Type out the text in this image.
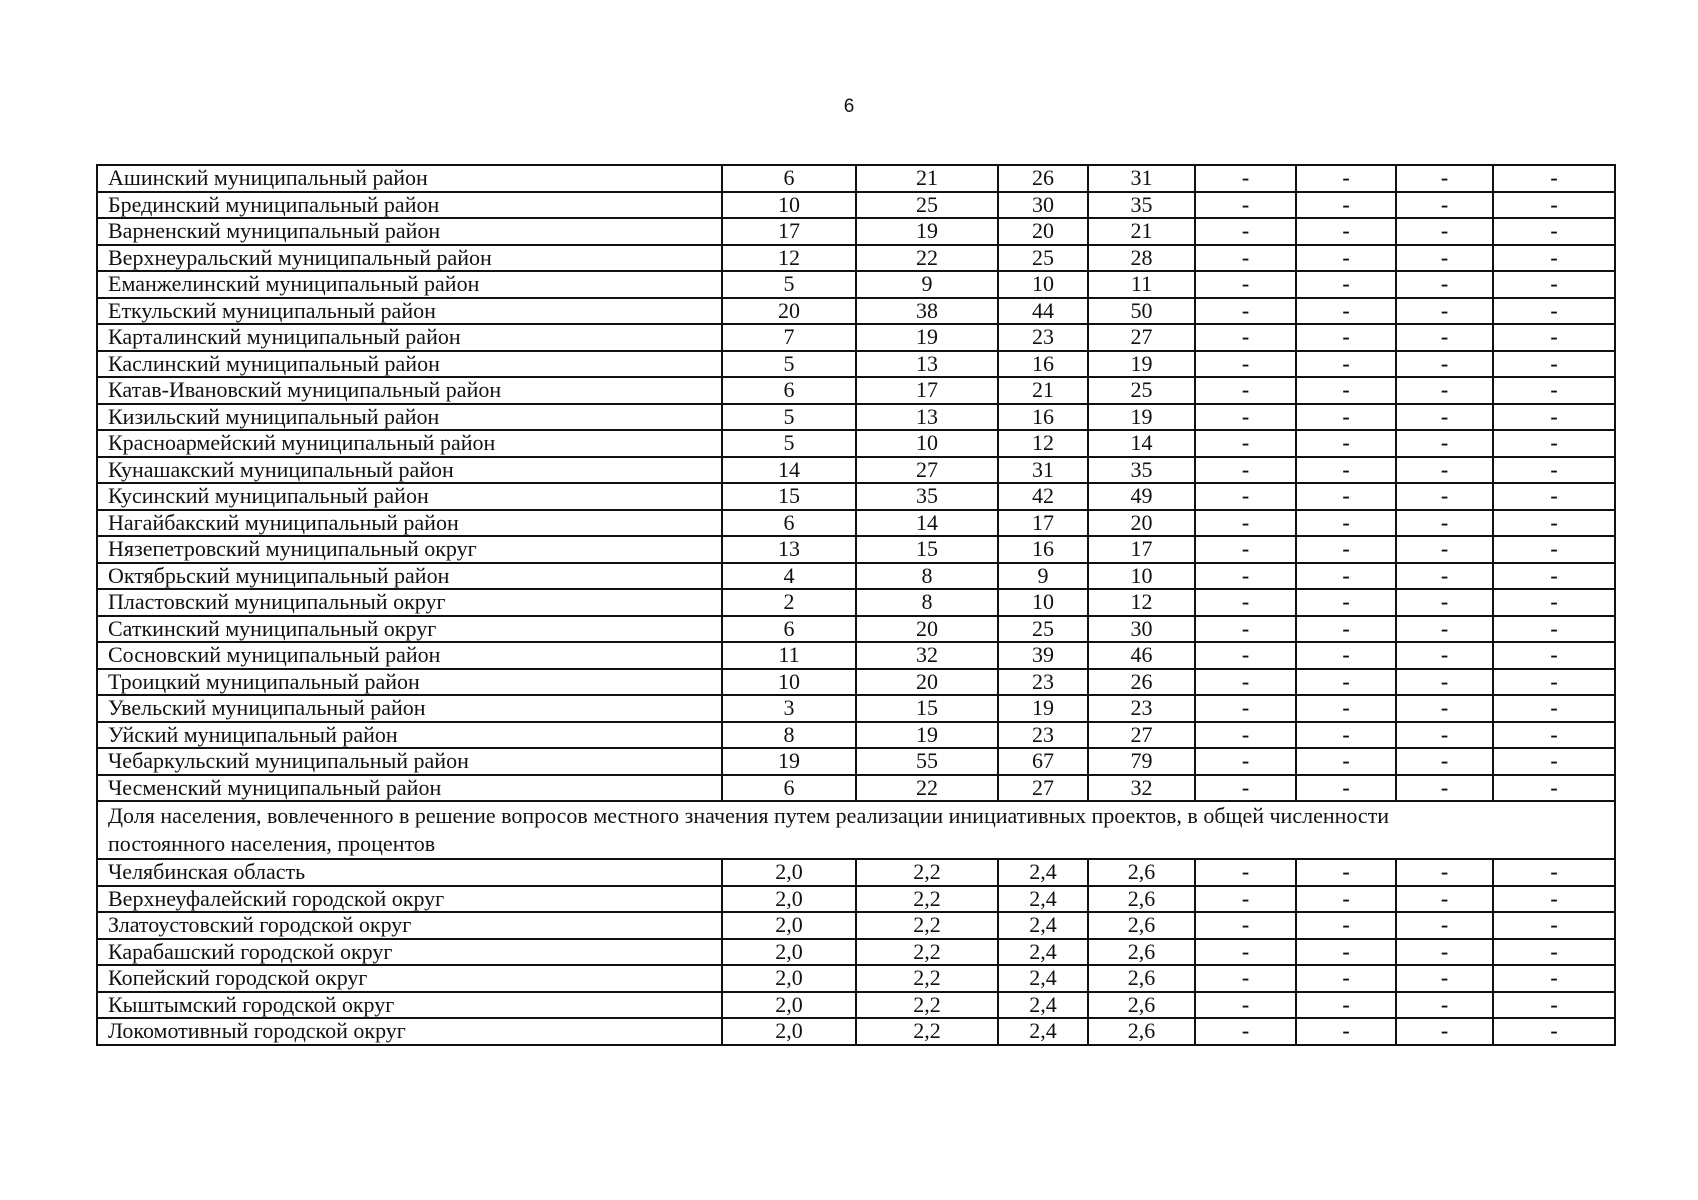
6
Ашинский муниципальный район	6	21	26	31	-	-	-	-
Брединский муниципальный район	10	25	30	35	-	-	-	-
Варненский муниципальный район	17	19	20	21	-	-	-	-
Верхнеуральский муниципальный район	12	22	25	28	-	-	-	-
Еманжелинский муниципальный район	5	9	10	11	-	-	-	-
Еткульский муниципальный район	20	38	44	50	-	-	-	-
Карталинский муниципальный район	7	19	23	27	-	-	-	-
Каслинский муниципальный район	5	13	16	19	-	-	-	-
Катав-Ивановский муниципальный район	6	17	21	25	-	-	-	-
Кизильский муниципальный район	5	13	16	19	-	-	-	-
Красноармейский муниципальный район	5	10	12	14	-	-	-	-
Кунашакский муниципальный район	14	27	31	35	-	-	-	-
Кусинский муниципальный район	15	35	42	49	-	-	-	-
Нагайбакский муниципальный район	6	14	17	20	-	-	-	-
Нязепетровский муниципальный округ	13	15	16	17	-	-	-	-
Октябрьский муниципальный район	4	8	9	10	-	-	-	-
Пластовский муниципальный округ	2	8	10	12	-	-	-	-
Саткинский муниципальный округ	6	20	25	30	-	-	-	-
Сосновский муниципальный район	11	32	39	46	-	-	-	-
Троицкий муниципальный район	10	20	23	26	-	-	-	-
Увельский муниципальный район	3	15	19	23	-	-	-	-
Уйский муниципальный район	8	19	23	27	-	-	-	-
Чебаркульский муниципальный район	19	55	67	79	-	-	-	-
Чесменский муниципальный район	6	22	27	32	-	-	-	-

Доля населения, вовлеченного в решение вопросов местного значения путем реализации инициативных проектов, в общей численности
постоянного населения, процентов								

Челябинская область	2,0	2,2	2,4	2,6	-	-	-	-
Верхнеуфалейский городской округ	2,0	2,2	2,4	2,6	-	-	-	-
Златоустовский городской округ	2,0	2,2	2,4	2,6	-	-	-	-
Карабашский городской округ	2,0	2,2	2,4	2,6	-	-	-	-
Копейский городской округ	2,0	2,2	2,4	2,6	-	-	-	-
Кыштымский городской округ	2,0	2,2	2,4	2,6	-	-	-	-
Локомотивный городской округ	2,0	2,2	2,4	2,6	-	-	-	-
